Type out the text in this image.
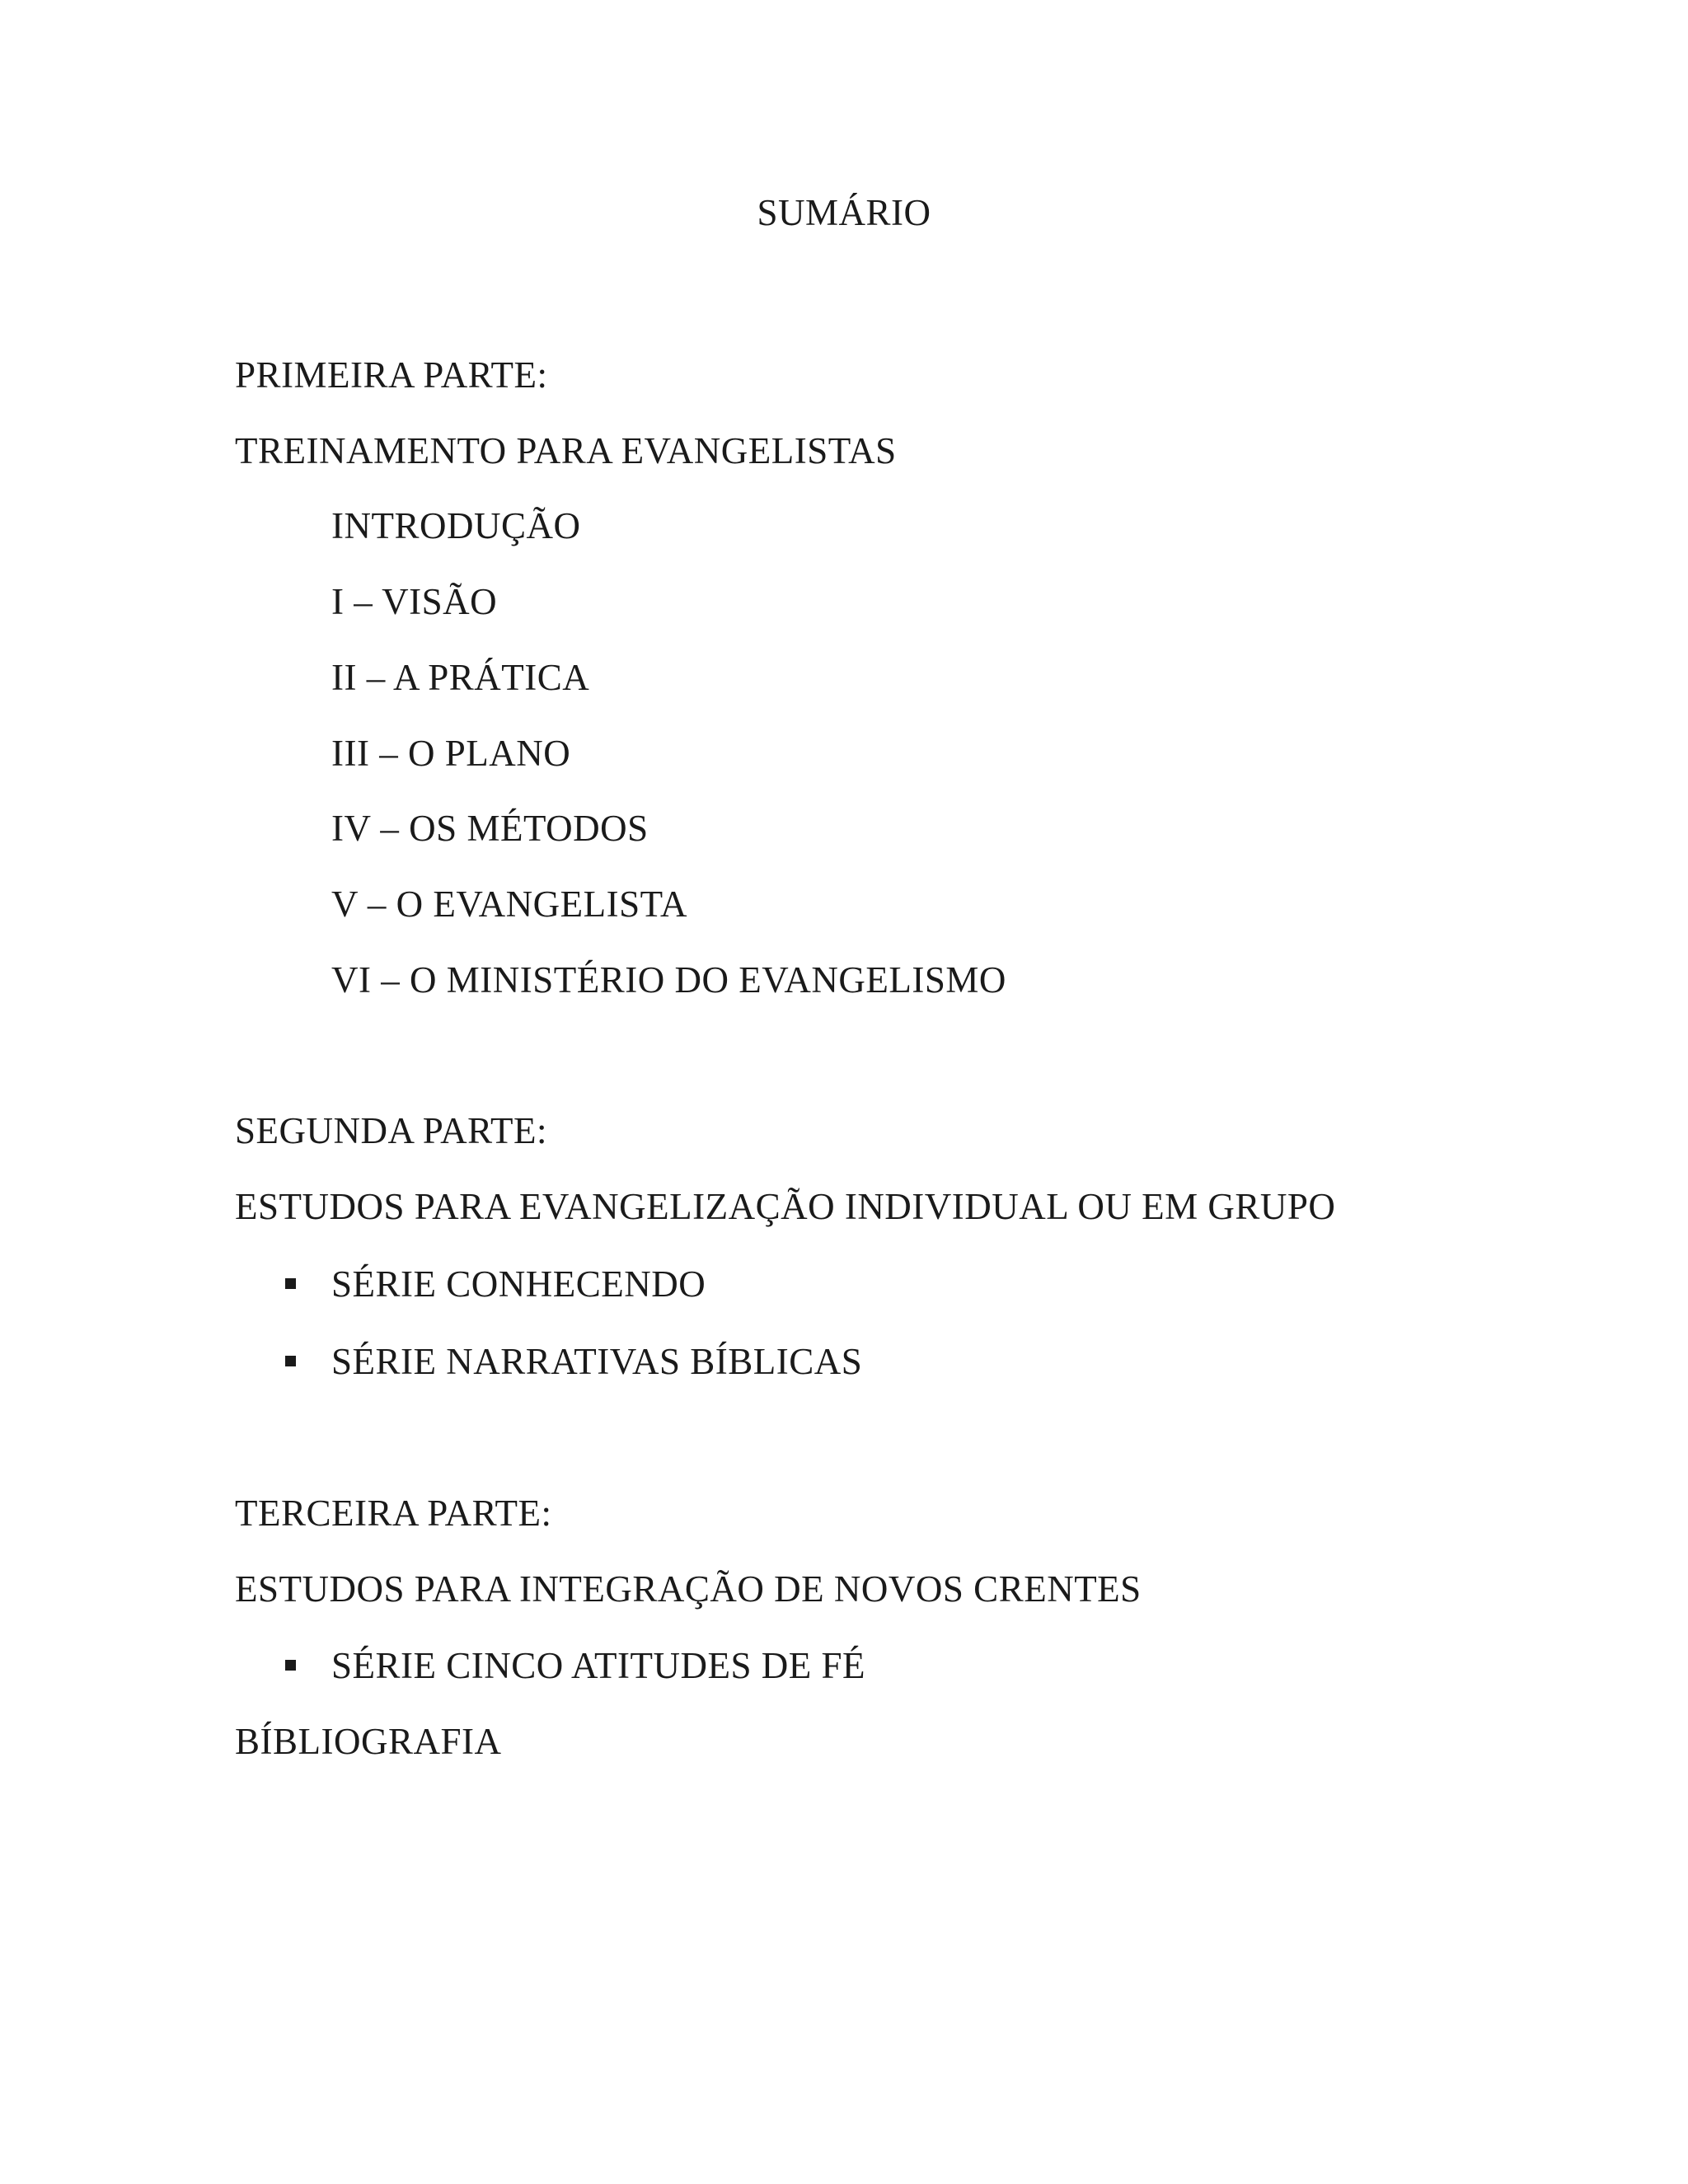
SUMÁRIO
PRIMEIRA PARTE:
TREINAMENTO PARA EVANGELISTAS
INTRODUÇÃO
I – VISÃO
II – A PRÁTICA
III – O PLANO
IV – OS MÉTODOS
V – O EVANGELISTA
VI – O MINISTÉRIO DO EVANGELISMO
SEGUNDA PARTE:
ESTUDOS PARA EVANGELIZAÇÃO INDIVIDUAL OU EM GRUPO
SÉRIE CONHECENDO
SÉRIE NARRATIVAS BÍBLICAS
TERCEIRA PARTE:
ESTUDOS PARA INTEGRAÇÃO DE NOVOS CRENTES
SÉRIE CINCO ATITUDES DE FÉ
BÍBLIOGRAFIA
